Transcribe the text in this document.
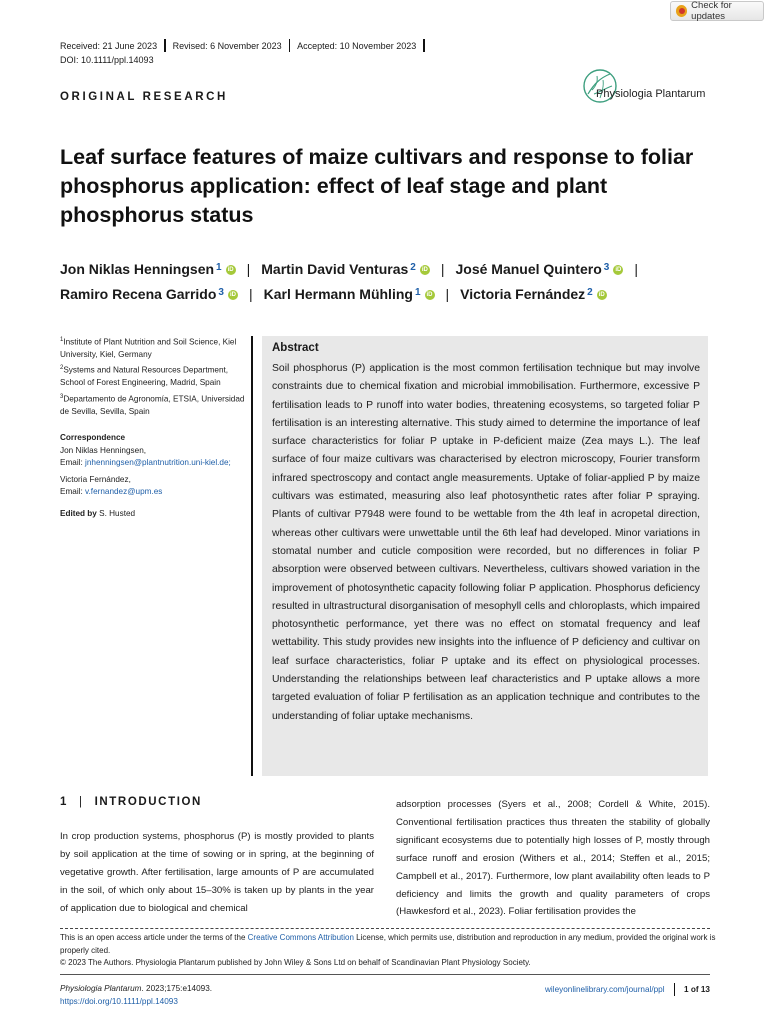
Check for updates
Received: 21 June 2023 Revised: 6 November 2023 Accepted: 10 November 2023
DOI: 10.1111/ppl.14093
Physiologia Plantarum
ORIGINAL RESEARCH
Leaf surface features of maize cultivars and response to foliar phosphorus application: effect of leaf stage and plant phosphorus status
Jon Niklas Henningsen$^1$	iD | Martin David Venturas$^2$	iD | José Manuel Quintero$^3$	iD |
Ramiro Recena Garrido$^3$	iD | Karl Hermann Mühling$^1$	iD | Victoria Fernández$^2$	iD
$^1$Institute of Plant Nutrition and Soil Science, Kiel University, Kiel, Germany
$^2$Systems and Natural Resources Department, School of Forest Engineering, Madrid, Spain
$^3$Departamento de Agronomía, ETSIA, Universidad de Sevilla, Sevilla, Spain
Correspondence
Jon Niklas Henningsen,
Email: jnhenningsen@plantnutrition.uni-kiel.de;
Victoria Fernández,
Email: v.fernandez@upm.es
Edited by S. Husted
Abstract
Soil phosphorus (P) application is the most common fertilisation technique but may involve constraints due to chemical fixation and microbial immobilisation. Furthermore, excessive P fertilisation leads to P runoff into water bodies, threatening ecosystems, so targeted foliar P fertilisation is an interesting alternative. This study aimed to determine the importance of leaf surface characteristics for foliar P uptake in P-deficient maize (Zea mays L.). The leaf surface of four maize cultivars was characterised by electron microscopy, Fourier transform infrared spectroscopy and contact angle measurements. Uptake of foliar-applied P by maize cultivars was estimated, measuring also leaf photosynthetic rates after foliar P spraying. Plants of cultivar P7948 were found to be wettable from the 4th leaf in acropetal direction, whereas other cultivars were unwettable until the 6th leaf had developed. Minor variations in stomatal number and cuticle composition were recorded, but no differences in foliar P absorption were observed between cultivars. Nevertheless, cultivars showed variation in the improvement of photosynthetic capacity following foliar P application. Phosphorus deficiency resulted in ultrastructural disorganisation of mesophyll cells and chloroplasts, which impaired photosynthetic performance, yet there was no effect on stomatal frequency and leaf wettability. This study provides new insights into the influence of P deficiency and cultivar on leaf surface characteristics, foliar P uptake and its effect on physiological processes. Understanding the relationships between leaf characteristics and P uptake allows a more targeted evaluation of foliar P fertilisation as an application technique and contributes to the understanding of foliar uptake mechanisms.
1 | INTRODUCTION
In crop production systems, phosphorus (P) is mostly provided to plants by soil application at the time of sowing or in spring, at the beginning of vegetative growth. After fertilisation, large amounts of P are accumulated in the soil, of which only about 15–30% is taken up by plants in the year of application due to biological and chemical
adsorption processes (Syers et al., 2008; Cordell & White, 2015). Conventional fertilisation practices thus threaten the stability of globally significant ecosystems due to potentially high losses of P, mostly through surface runoff and erosion (Withers et al., 2014; Steffen et al., 2015; Campbell et al., 2017). Furthermore, low plant availability often leads to P deficiency and limits the growth and quality parameters of crops (Hawkesford et al., 2023). Foliar fertilisation provides the
This is an open access article under the terms of the Creative Commons Attribution License, which permits use, distribution and reproduction in any medium, provided the original work is properly cited.
© 2023 The Authors. Physiologia Plantarum published by John Wiley & Sons Ltd on behalf of Scandinavian Plant Physiology Society.
Physiologia Plantarum. 2023;175:e14093.
https://doi.org/10.1111/ppl.14093
wileyonlinelibrary.com/journal/ppl 1 of 13
